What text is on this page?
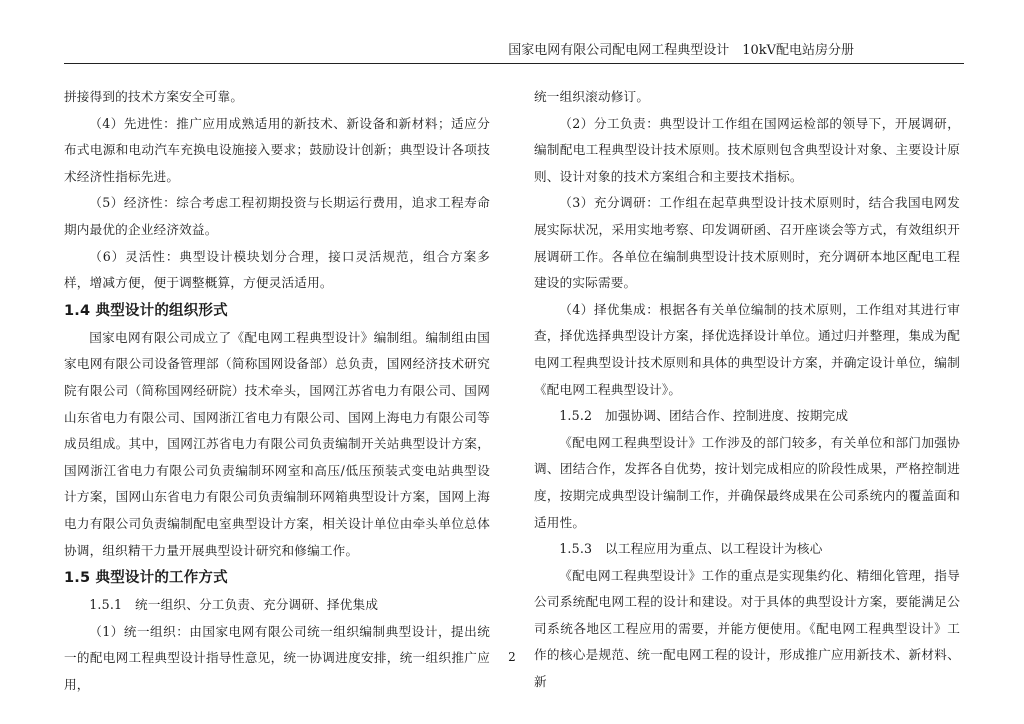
国家电网有限公司配电网工程典型设计　10kV配电站房分册

拼接得到的技术方案安全可靠。

（4）先进性：推广应用成熟适用的新技术、新设备和新材料；适应分布式电源和电动汽车充换电设施接入要求；鼓励设计创新；典型设计各项技术经济性指标先进。

（5）经济性：综合考虑工程初期投资与长期运行费用，追求工程寿命期内最优的企业经济效益。

（6）灵活性：典型设计模块划分合理，接口灵活规范，组合方案多样，增减方便，便于调整概算，方便灵活适用。

1.4 典型设计的组织形式

国家电网有限公司成立了《配电网工程典型设计》编制组。编制组由国家电网有限公司设备管理部（简称国网设备部）总负责，国网经济技术研究院有限公司（简称国网经研院）技术牵头，国网江苏省电力有限公司、国网山东省电力有限公司、国网浙江省电力有限公司、国网上海电力有限公司等成员组成。其中，国网江苏省电力有限公司负责编制开关站典型设计方案，国网浙江省电力有限公司负责编制环网室和高压/低压预装式变电站典型设计方案，国网山东省电力有限公司负责编制环网箱典型设计方案，国网上海电力有限公司负责编制配电室典型设计方案，相关设计单位由牵头单位总体协调，组织精干力量开展典型设计研究和修编工作。

1.5 典型设计的工作方式

1.5.1　统一组织、分工负责、充分调研、择优集成

（1）统一组织：由国家电网有限公司统一组织编制典型设计，提出统一的配电网工程典型设计指导性意见，统一协调进度安排，统一组织推广应用，

统一组织滚动修订。

（2）分工负责：典型设计工作组在国网运检部的领导下，开展调研，编制配电工程典型设计技术原则。技术原则包含典型设计对象、主要设计原则、设计对象的技术方案组合和主要技术指标。

（3）充分调研：工作组在起草典型设计技术原则时，结合我国电网发展实际状况，采用实地考察、印发调研函、召开座谈会等方式，有效组织开展调研工作。各单位在编制典型设计技术原则时，充分调研本地区配电工程建设的实际需要。

（4）择优集成：根据各有关单位编制的技术原则，工作组对其进行审查，择优选择典型设计方案，择优选择设计单位。通过归并整理，集成为配电网工程典型设计技术原则和具体的典型设计方案，并确定设计单位，编制《配电网工程典型设计》。

1.5.2　加强协调、团结合作、控制进度、按期完成

《配电网工程典型设计》工作涉及的部门较多，有关单位和部门加强协调、团结合作，发挥各自优势，按计划完成相应的阶段性成果，严格控制进度，按期完成典型设计编制工作，并确保最终成果在公司系统内的覆盖面和适用性。

1.5.3　以工程应用为重点、以工程设计为核心

《配电网工程典型设计》工作的重点是实现集约化、精细化管理，指导公司系统配电网工程的设计和建设。对于具体的典型设计方案，要能满足公司系统各地区工程应用的需要，并能方便使用。《配电网工程典型设计》工作的核心是规范、统一配电网工程的设计，形成推广应用新技术、新材料、新

2
